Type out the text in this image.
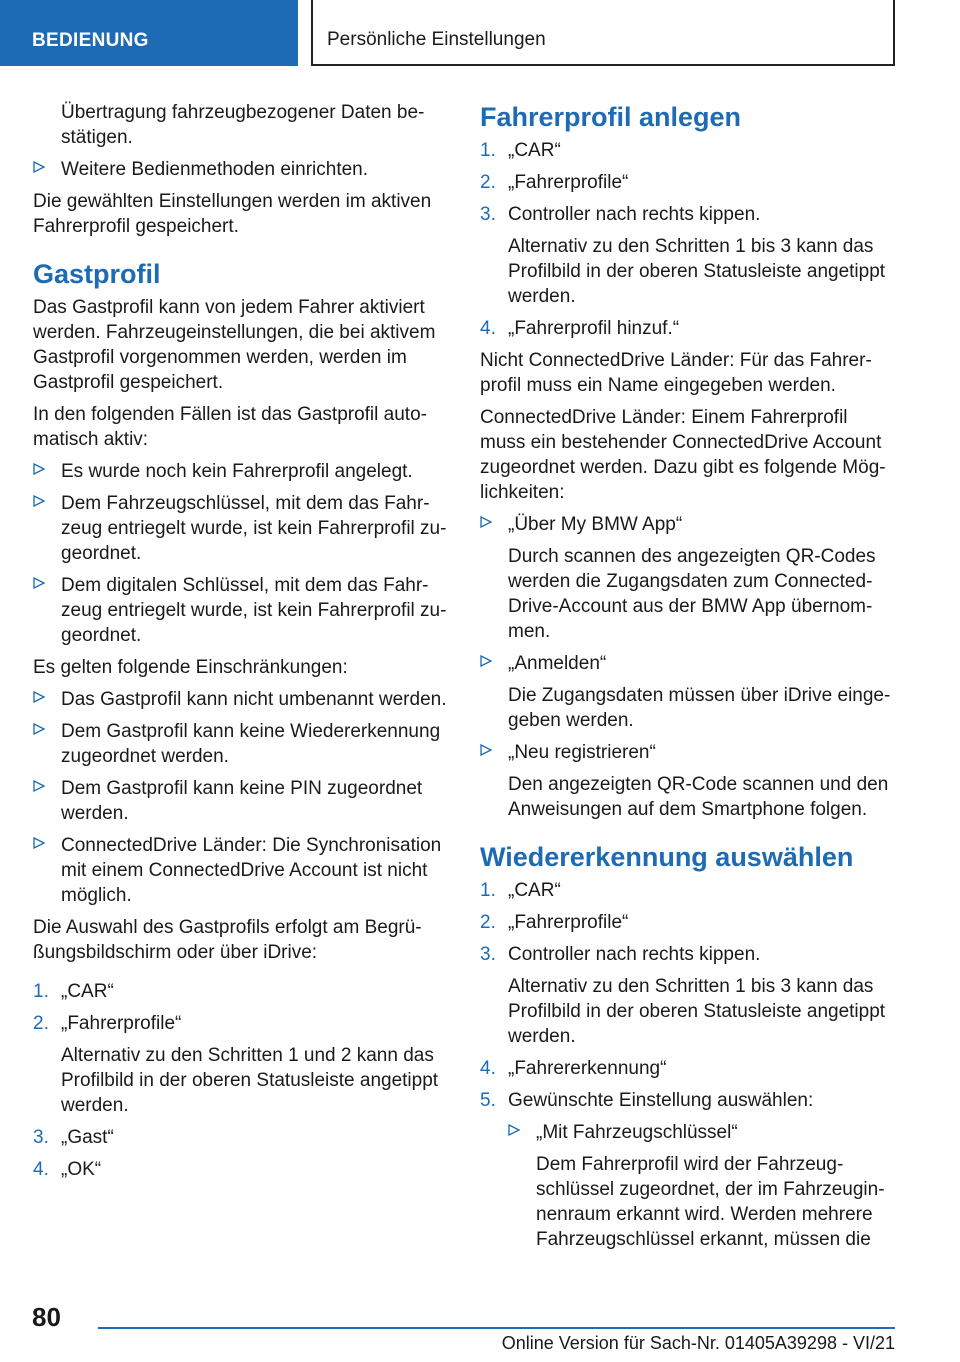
BEDIENUNG	Persönliche Einstellungen
Übertragung fahrzeugbezogener Daten bestätigen.
Weitere Bedienmethoden einrichten.
Die gewählten Einstellungen werden im aktiven Fahrerprofil gespeichert.
Gastprofil
Das Gastprofil kann von jedem Fahrer aktiviert werden. Fahrzeugeinstellungen, die bei aktivem Gastprofil vorgenommen werden, werden im Gastprofil gespeichert.
In den folgenden Fällen ist das Gastprofil automatisch aktiv:
Es wurde noch kein Fahrerprofil angelegt.
Dem Fahrzeugschlüssel, mit dem das Fahrzeug entriegelt wurde, ist kein Fahrerprofil zugeordnet.
Dem digitalen Schlüssel, mit dem das Fahrzeug entriegelt wurde, ist kein Fahrerprofil zugeordnet.
Es gelten folgende Einschränkungen:
Das Gastprofil kann nicht umbenannt werden.
Dem Gastprofil kann keine Wiedererkennung zugeordnet werden.
Dem Gastprofil kann keine PIN zugeordnet werden.
ConnectedDrive Länder: Die Synchronisation mit einem ConnectedDrive Account ist nicht möglich.
Die Auswahl des Gastprofils erfolgt am Begrüßungsbildschirm oder über iDrive:
1. „CAR“
2. „Fahrerprofile“
Alternativ zu den Schritten 1 und 2 kann das Profilbild in der oberen Statusleiste angetippt werden.
3. „Gast“
4. „OK“
Fahrerprofil anlegen
1. „CAR“
2. „Fahrerprofile“
3. Controller nach rechts kippen.
Alternativ zu den Schritten 1 bis 3 kann das Profilbild in der oberen Statusleiste angetippt werden.
4. „Fahrerprofil hinzuf.“
Nicht ConnectedDrive Länder: Für das Fahrerprofil muss ein Name eingegeben werden.
ConnectedDrive Länder: Einem Fahrerprofil muss ein bestehender ConnectedDrive Account zugeordnet werden. Dazu gibt es folgende Möglichkeiten:
„Über My BMW App“
Durch scannen des angezeigten QR-Codes werden die Zugangsdaten zum ConnectedDrive-Account aus der BMW App übernommen.
„Anmelden“
Die Zugangsdaten müssen über iDrive eingegeben werden.
„Neu registrieren“
Den angezeigten QR-Code scannen und den Anweisungen auf dem Smartphone folgen.
Wiedererkennung auswählen
1. „CAR“
2. „Fahrerprofile“
3. Controller nach rechts kippen.
Alternativ zu den Schritten 1 bis 3 kann das Profilbild in der oberen Statusleiste angetippt werden.
4. „Fahrererkennung“
5. Gewünschte Einstellung auswählen:
„Mit Fahrzeugschlüssel“
Dem Fahrerprofil wird der Fahrzeugschlüssel zugeordnet, der im Fahrzeuginnenraum erkannt wird. Werden mehrere Fahrzeugschlüssel erkannt, müssen die
80
Online Version für Sach-Nr. 01405A39298 - VI/21
